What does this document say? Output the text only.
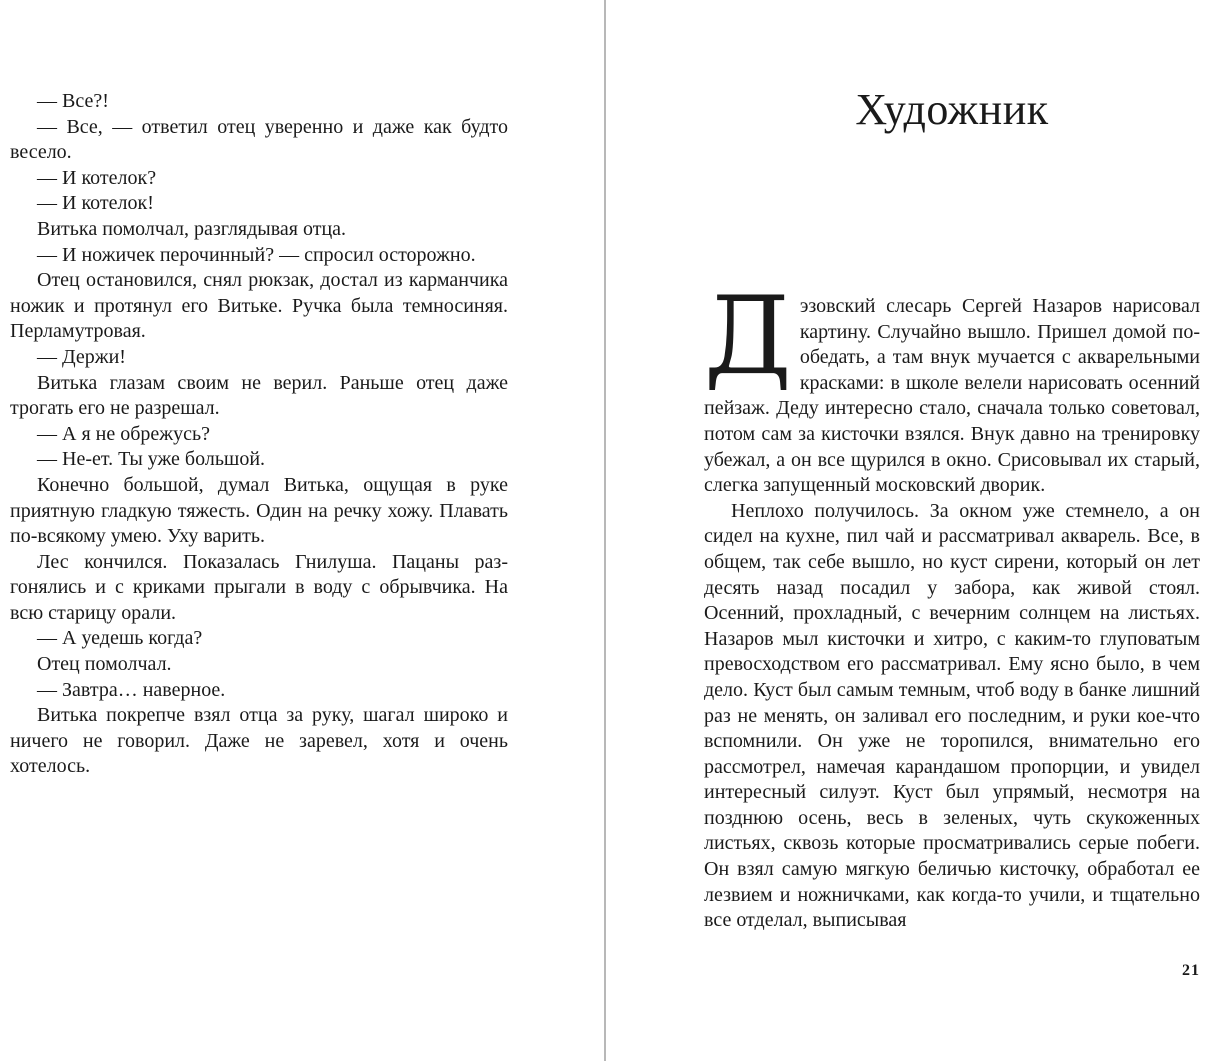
— Все?!

— Все, — ответил отец уверенно и даже как будто весело.

— И котелок?

— И котелок!

Витька помолчал, разглядывая отца.

— И ножичек перочинный? — спросил осторожно.

Отец остановился, снял рюкзак, достал из карманчика ножик и протянул его Витьке. Ручка была темносиняя. Перламутровая.

— Держи!

Витька глазам своим не верил. Раньше отец даже трогать его не разрешал.

— А я не обрежусь?

— Не-ет. Ты уже большой.

Конечно большой, думал Витька, ощущая в руке приятную гладкую тяжесть. Один на речку хожу. Плавать по-всякому умею. Уху варить.

Лес кончился. Показалась Гнилуша. Пацаны разгонялись и с криками прыгали в воду с обрывчика. На всю старицу орали.

— А уедешь когда?

Отец помолчал.

— Завтра… наверное.

Витька покрепче взял отца за руку, шагал широко и ничего не говорил. Даже не заревел, хотя и очень хотелось.

Художник

Дэзовский слесарь Сергей Назаров нарисовал картину. Случайно вышло. Пришел домой пообедать, а там внук мучается с акварельными красками: в школе велели нарисовать осенний пейзаж. Деду интересно стало, сначала только советовал, потом сам за кисточки взялся. Внук давно на тренировку убежал, а он все щурился в окно. Срисовывал их старый, слегка запущенный московский дворик.

Неплохо получилось. За окном уже стемнело, а он сидел на кухне, пил чай и рассматривал акварель. Все, в общем, так себе вышло, но куст сирени, который он лет десять назад посадил у забора, как живой стоял. Осенний, прохладный, с вечерним солнцем на листьях. Назаров мыл кисточки и хитро, с каким-то глуповатым превосходством его рассматривал. Ему ясно было, в чем дело. Куст был самым темным, чтоб воду в банке лишний раз не менять, он заливал его последним, и руки кое-что вспомнили. Он уже не торопился, внимательно его рассмотрел, намечая карандашом пропорции, и увидел интересный силуэт. Куст был упрямый, несмотря на позднюю осень, весь в зеленых, чуть скукоженных листьях, сквозь которые просматривались серые побеги. Он взял самую мягкую беличью кисточку, обработал ее лезвием и ножничками, как когда-то учили, и тщательно все отделал, выписывая

21
